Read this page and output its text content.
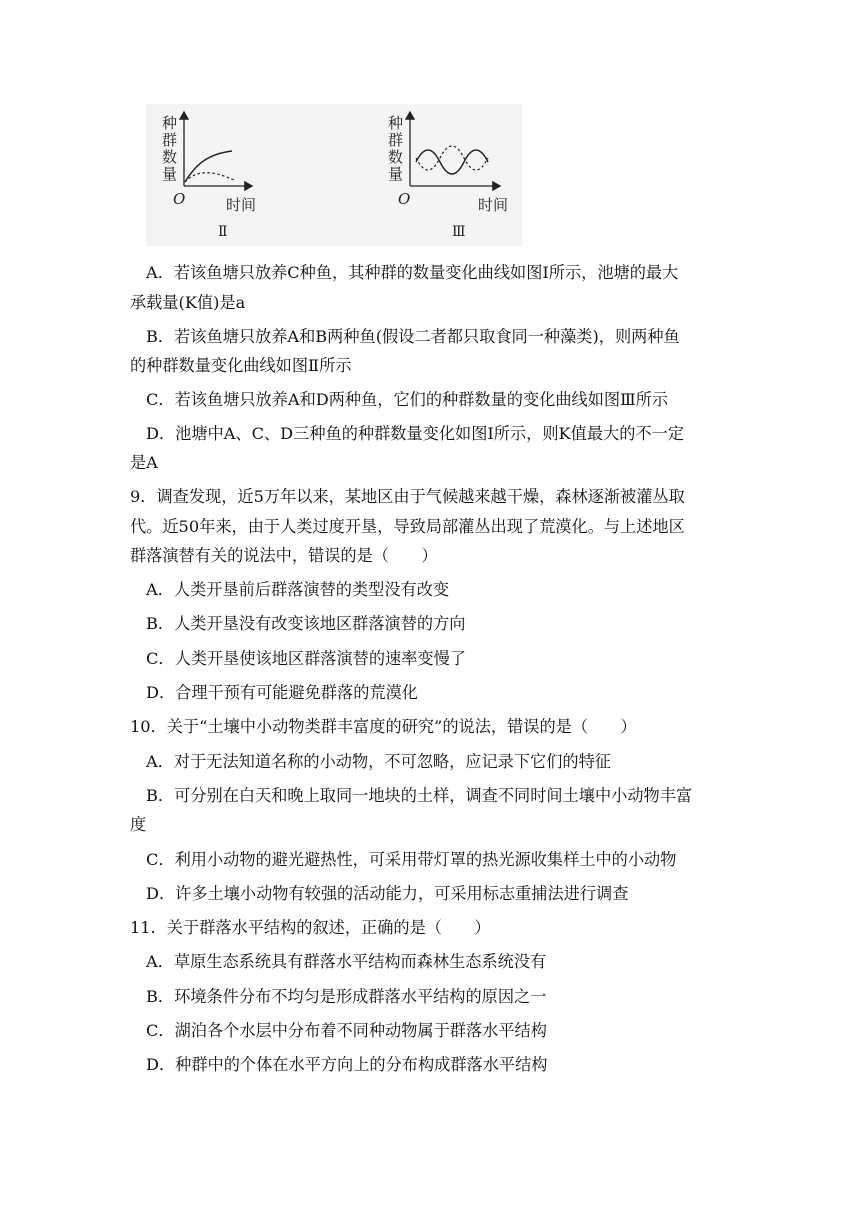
种
群
数
量
O	时间
Ⅱ
种
群
数
量
O	时间
Ⅲ
A．若该鱼塘只放养C种鱼，其种群的数量变化曲线如图Ⅰ所示，池塘的最大
承载量(K值)是a
B．若该鱼塘只放养A和B两种鱼(假设二者都只取食同一种藻类)，则两种鱼
的种群数量变化曲线如图Ⅱ所示
C．若该鱼塘只放养A和D两种鱼，它们的种群数量的变化曲线如图Ⅲ所示
D．池塘中A、C、D三种鱼的种群数量变化如图Ⅰ所示，则K值最大的不一定
是A
9．调查发现，近5万年以来，某地区由于气候越来越干燥，森林逐渐被灌丛取
代。近50年来，由于人类过度开垦，导致局部灌丛出现了荒漠化。与上述地区
群落演替有关的说法中，错误的是（　　）
A．人类开垦前后群落演替的类型没有改变
B．人类开垦没有改变该地区群落演替的方向
C．人类开垦使该地区群落演替的速率变慢了
D．合理干预有可能避免群落的荒漠化
10．关于“土壤中小动物类群丰富度的研究”的说法，错误的是（　　）
A．对于无法知道名称的小动物，不可忽略，应记录下它们的特征
B．可分别在白天和晚上取同一地块的土样，调查不同时间土壤中小动物丰富
度
C．利用小动物的避光避热性，可采用带灯罩的热光源收集样土中的小动物
D．许多土壤小动物有较强的活动能力，可采用标志重捕法进行调查
11．关于群落水平结构的叙述，正确的是（　　）
A．草原生态系统具有群落水平结构而森林生态系统没有
B．环境条件分布不均匀是形成群落水平结构的原因之一
C．湖泊各个水层中分布着不同种动物属于群落水平结构
D．种群中的个体在水平方向上的分布构成群落水平结构
